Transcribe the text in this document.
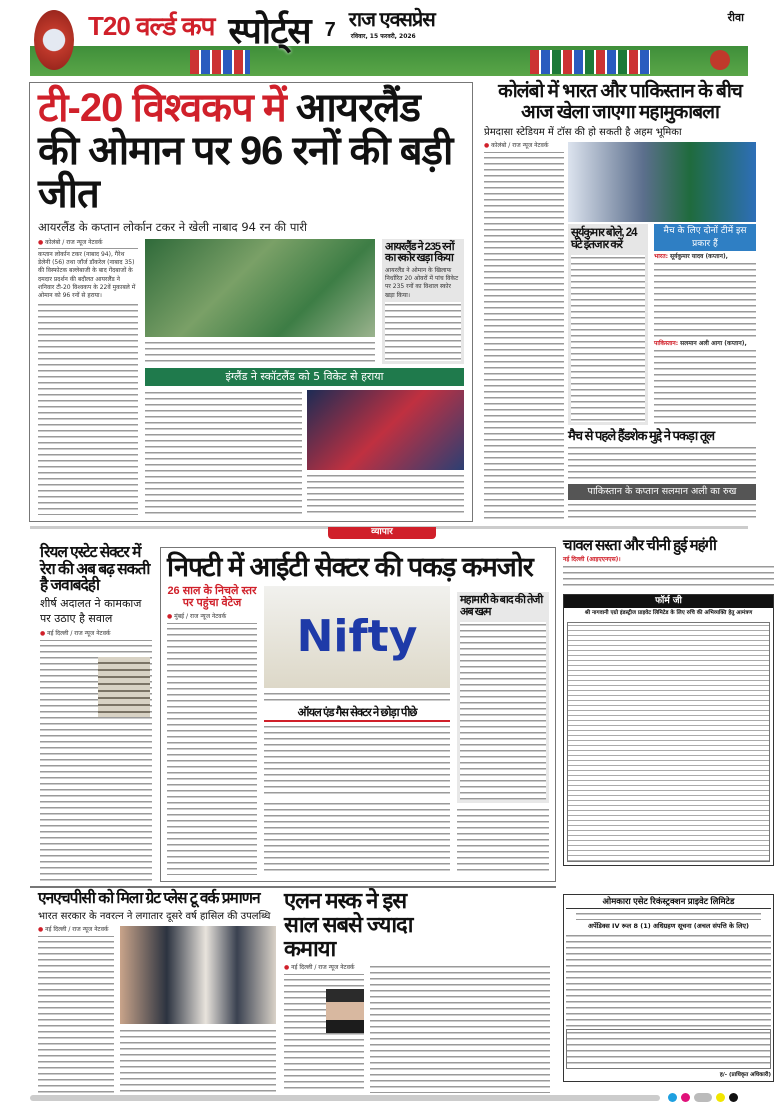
T20 वर्ल्ड कप स्पोर्ट्स 7 राज एक्सप्रेस
रविवार, 15 फरवरी, 2026
रीवा
टी-20 विश्वकप में आयरलैंड की ओमान पर 96 रनों की बड़ी जीत
आयरलैंड के कप्तान लोर्कान टकर ने खेली नाबाद 94 रन की पारी
● कोलंबो / राज न्यूज नेटवर्क
कप्तान लोर्कान टकर (नाबाद 94), गैरेथ डेलेनी (56) तथा जॉर्ज डॉकरेल (नाबाद 35) की विस्फोटक बल्लेबाजी के बाद गेंदबाजों के दमदार प्रदर्शन की बदौलत आयरलैंड ने शनिवार टी-20 विश्वकप के 22वें मुकाबले में ओमान को 96 रनों से हराया।
आयरलैंड ने 235 रनों का स्कोर खड़ा किया
आयरलैंड ने ओमान के खिलाफ निर्धारित 20 ओवरों में पांच विकेट पर 235 रनों का विशाल स्कोर खड़ा किया।
इंग्लैंड ने स्कॉटलैंड को 5 विकेट से हराया
कोलंबो में भारत और पाकिस्तान के बीच आज खेला जाएगा महामुकाबला
प्रेमदासा स्टेडियम में टॉस की हो सकती है अहम भूमिका
● कोलंबो / राज न्यूज नेटवर्क
सूर्यकुमार बोले, 24 घंटे इंतजार करें
मैच के लिए दोनों टीमें इस प्रकार हैं
भारत: सूर्यकुमार यादव (कप्तान),
पाकिस्तान: सलमान अली आगा (कप्तान),
मैच से पहले हैंडशेक मुद्दे ने पकड़ा तूल
पाकिस्तान के कप्तान सलमान अली का रुख
व्यापार
रियल एस्टेट सेक्टर में रेरा की अब बढ़ सकती है जवाबदेही
शीर्ष अदालत ने कामकाज पर उठाए है सवाल
● नई दिल्ली / राज न्यूज नेटवर्क
निफ्टी में आईटी सेक्टर की पकड़ कमजोर
26 साल के निचले स्तर पर पहुंचा वेटेज
● मुंबई / राज न्यूज नेटवर्क	Nifty
ऑयल एंड गैस सेक्टर ने छोड़ा पीछे
महामारी के बाद की तेजी अब खत्म
चावल सस्ता और चीनी हुई महंगी
नई दिल्ली (आइएएनएस)।
फॉर्म जी
श्री नागवानी एग्रो इंडस्ट्रीज प्राइवेट लिमिटेड के लिए रुचि की अभिव्यक्ति हेतु आमंत्रण
एनएचपीसी को मिला ग्रेट प्लेस टू वर्क प्रमाणन
भारत सरकार के नवरत्न ने लगातार दूसरे वर्ष हासिल की उपलब्धि
● नई दिल्ली / राज न्यूज नेटवर्क
एलन मस्क ने इस साल सबसे ज्यादा कमाया
● नई दिल्ली / राज न्यूज नेटवर्क
ओमकारा एसेट रिकंस्ट्रक्शन प्राइवेट लिमिटेड
अपेंडिक्स IV रूल 8 (1) अधिग्रहण सूचना (अचल संपत्ति के लिए)
ह/- (प्राधिकृत अधिकारी)
